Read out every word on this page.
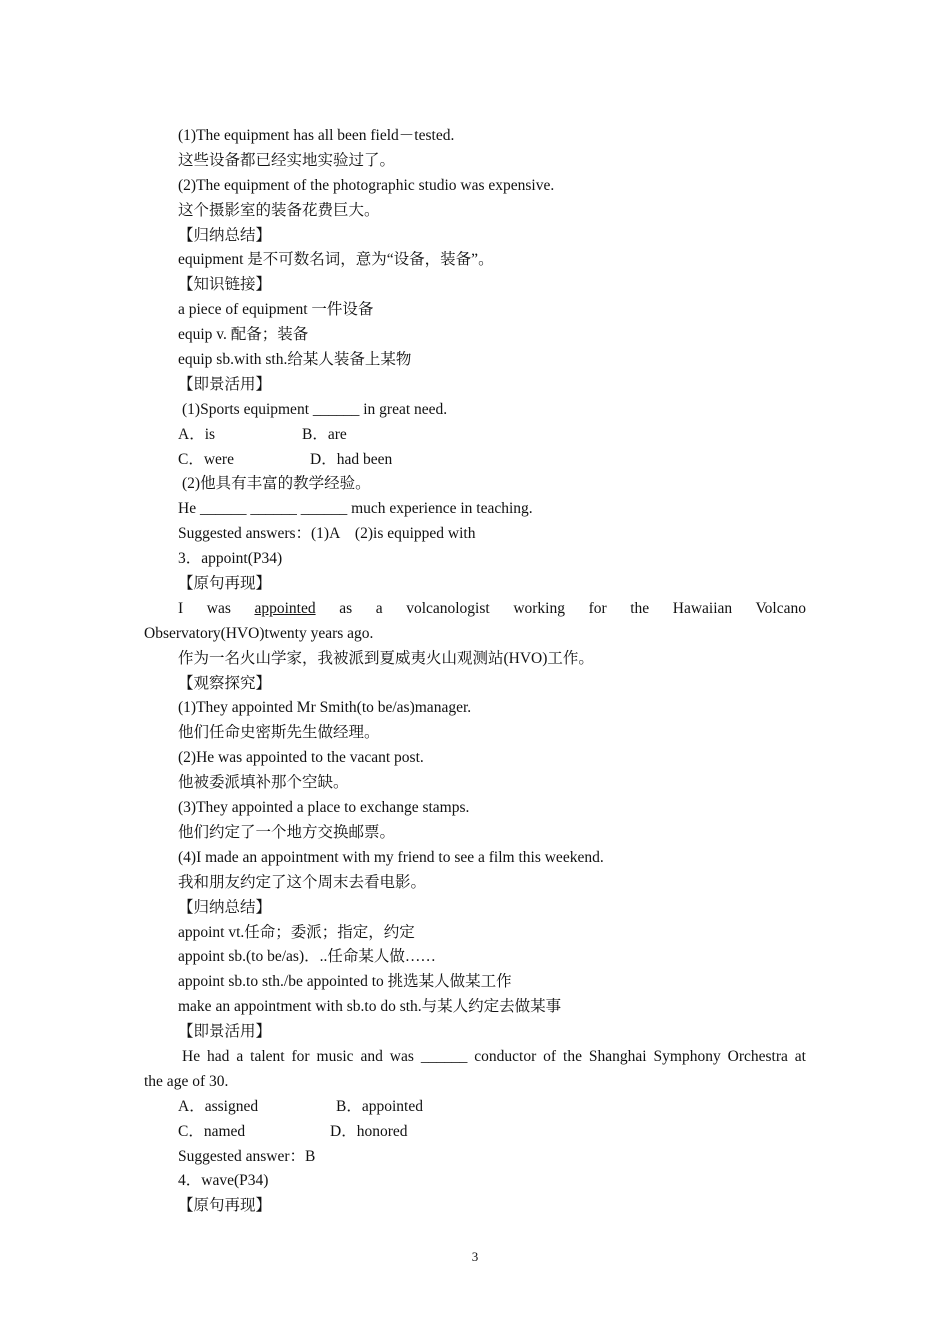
(1)The equipment has all been field－tested.
这些设备都已经实地实验过了。
(2)The equipment of the photographic studio was expensive.
这个摄影室的装备花费巨大。
【归纳总结】
equipment 是不可数名词，意为“设备，装备”。
【知识链接】
a piece of equipment 一件设备
equip v. 配备；装备
equip sb.with sth.给某人装备上某物
【即景活用】
(1)Sports equipment ______ in great need.
A．is	B．are
C．were	D．had been
(2)他具有丰富的教学经验。
He ______ ______ ______ much experience in teaching.
Suggested answers：(1)A　(2)is equipped with
3．appoint(P34)
【原句再现】
I was appointed as a volcanologist working for the Hawaiian Volcano
Observatory(HVO)twenty years ago.
作为一名火山学家，我被派到夏威夷火山观测站(HVO)工作。
【观察探究】
(1)They appointed Mr Smith(to be/as)manager.
他们任命史密斯先生做经理。
(2)He was appointed to the vacant post.
他被委派填补那个空缺。
(3)They appointed a place to exchange stamps.
他们约定了一个地方交换邮票。
(4)I made an appointment with my friend to see a film this weekend.
我和朋友约定了这个周末去看电影。
【归纳总结】
appoint vt.任命；委派；指定，约定
appoint sb.(to be/as)．..任命某人做……
appoint sb.to sth./be appointed to 挑选某人做某工作
make an appointment with sb.to do sth.与某人约定去做某事
【即景活用】
He had a talent for music and was ______ conductor of the Shanghai Symphony Orchestra at
the age of 30.
A．assigned	B．appointed
C．named	D．honored
Suggested answer：B
4．wave(P34)
【原句再现】
3
